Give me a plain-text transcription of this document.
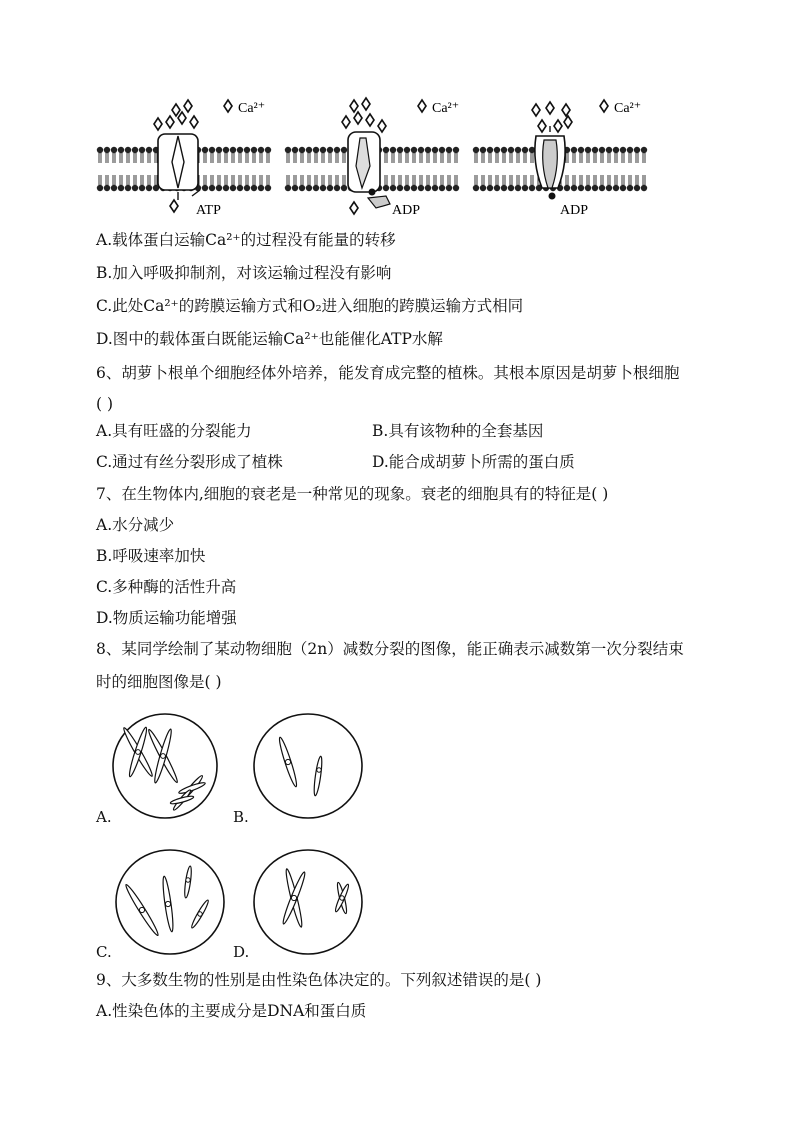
Ca²⁺
ATP
Ca²⁺
ADP
Ca²⁺
ADP
A.载体蛋白运输Ca²⁺的过程没有能量的转移
B.加入呼吸抑制剂，对该运输过程没有影响
C.此处Ca²⁺的跨膜运输方式和O₂进入细胞的跨膜运输方式相同
D.图中的载体蛋白既能运输Ca²⁺也能催化ATP水解
6、胡萝卜根单个细胞经体外培养，能发育成完整的植株。其根本原因是胡萝卜根细胞
( )
A.具有旺盛的分裂能力	B.具有该物种的全套基因
C.通过有丝分裂形成了植株	D.能合成胡萝卜所需的蛋白质
7、在生物体内,细胞的衰老是一种常见的现象。衰老的细胞具有的特征是( )
A.水分减少
B.呼吸速率加快
C.多种酶的活性升高
D.物质运输功能增强
8、某同学绘制了某动物细胞（2n）减数分裂的图像，能正确表示减数第一次分裂结束
时的细胞图像是( )
A.	B.
C.	D.
9、大多数生物的性别是由性染色体决定的。下列叙述错误的是( )
A.性染色体的主要成分是DNA和蛋白质
